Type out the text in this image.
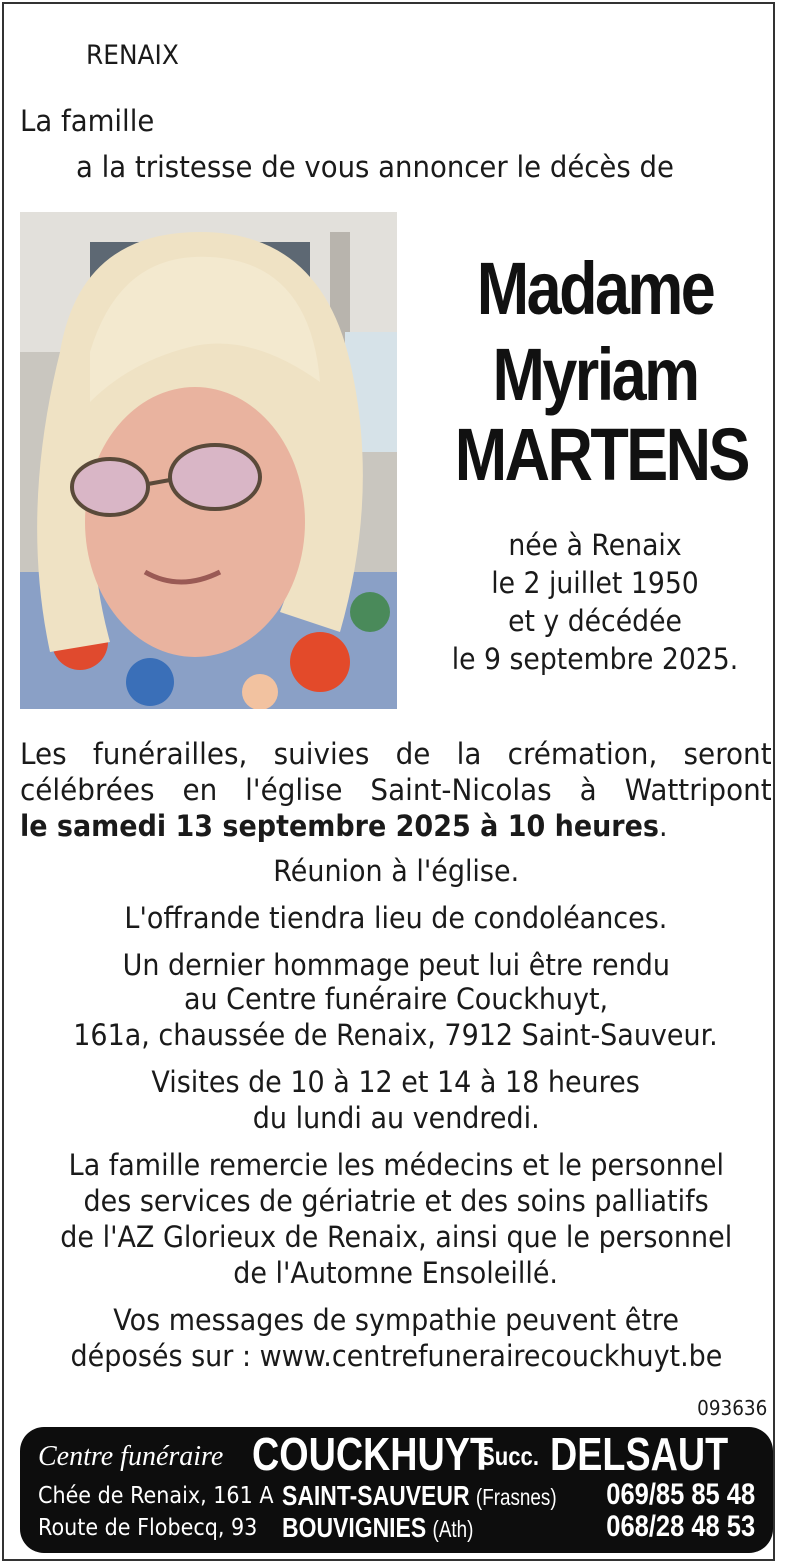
RENAIX
La famille
a la tristesse de vous annoncer le décès de
Madame
Myriam
MARTENS
née à Renaix
le 2 juillet 1950
et y décédée
le 9 septembre 2025.
Les funérailles, suivies de la crémation, seront
célébrées en l'église Saint-Nicolas à Wattripont
le samedi 13 septembre 2025 à 10 heures.
Réunion à l'église.
L'offrande tiendra lieu de condoléances.
Un dernier hommage peut lui être rendu
au Centre funéraire Couckhuyt,
161a, chaussée de Renaix, 7912 Saint-Sauveur.
Visites de 10 à 12 et 14 à 18 heures
du lundi au vendredi.
La famille remercie les médecins et le personnel
des services de gériatrie et des soins palliatifs
de l'AZ Glorieux de Renaix, ainsi que le personnel
de l'Automne Ensoleillé.
Vos messages de sympathie peuvent être
déposés sur : www.centrefunerairecouckhuyt.be
093636
Centre funéraire COUCKHUYT
Succ. DELSAUT
Chée de Renaix, 161 A SAINT-SAUVEUR (Frasnes) 069/85 85 48
Route de Flobecq, 93 BOUVIGNIES (Ath)	068/28 48 53
